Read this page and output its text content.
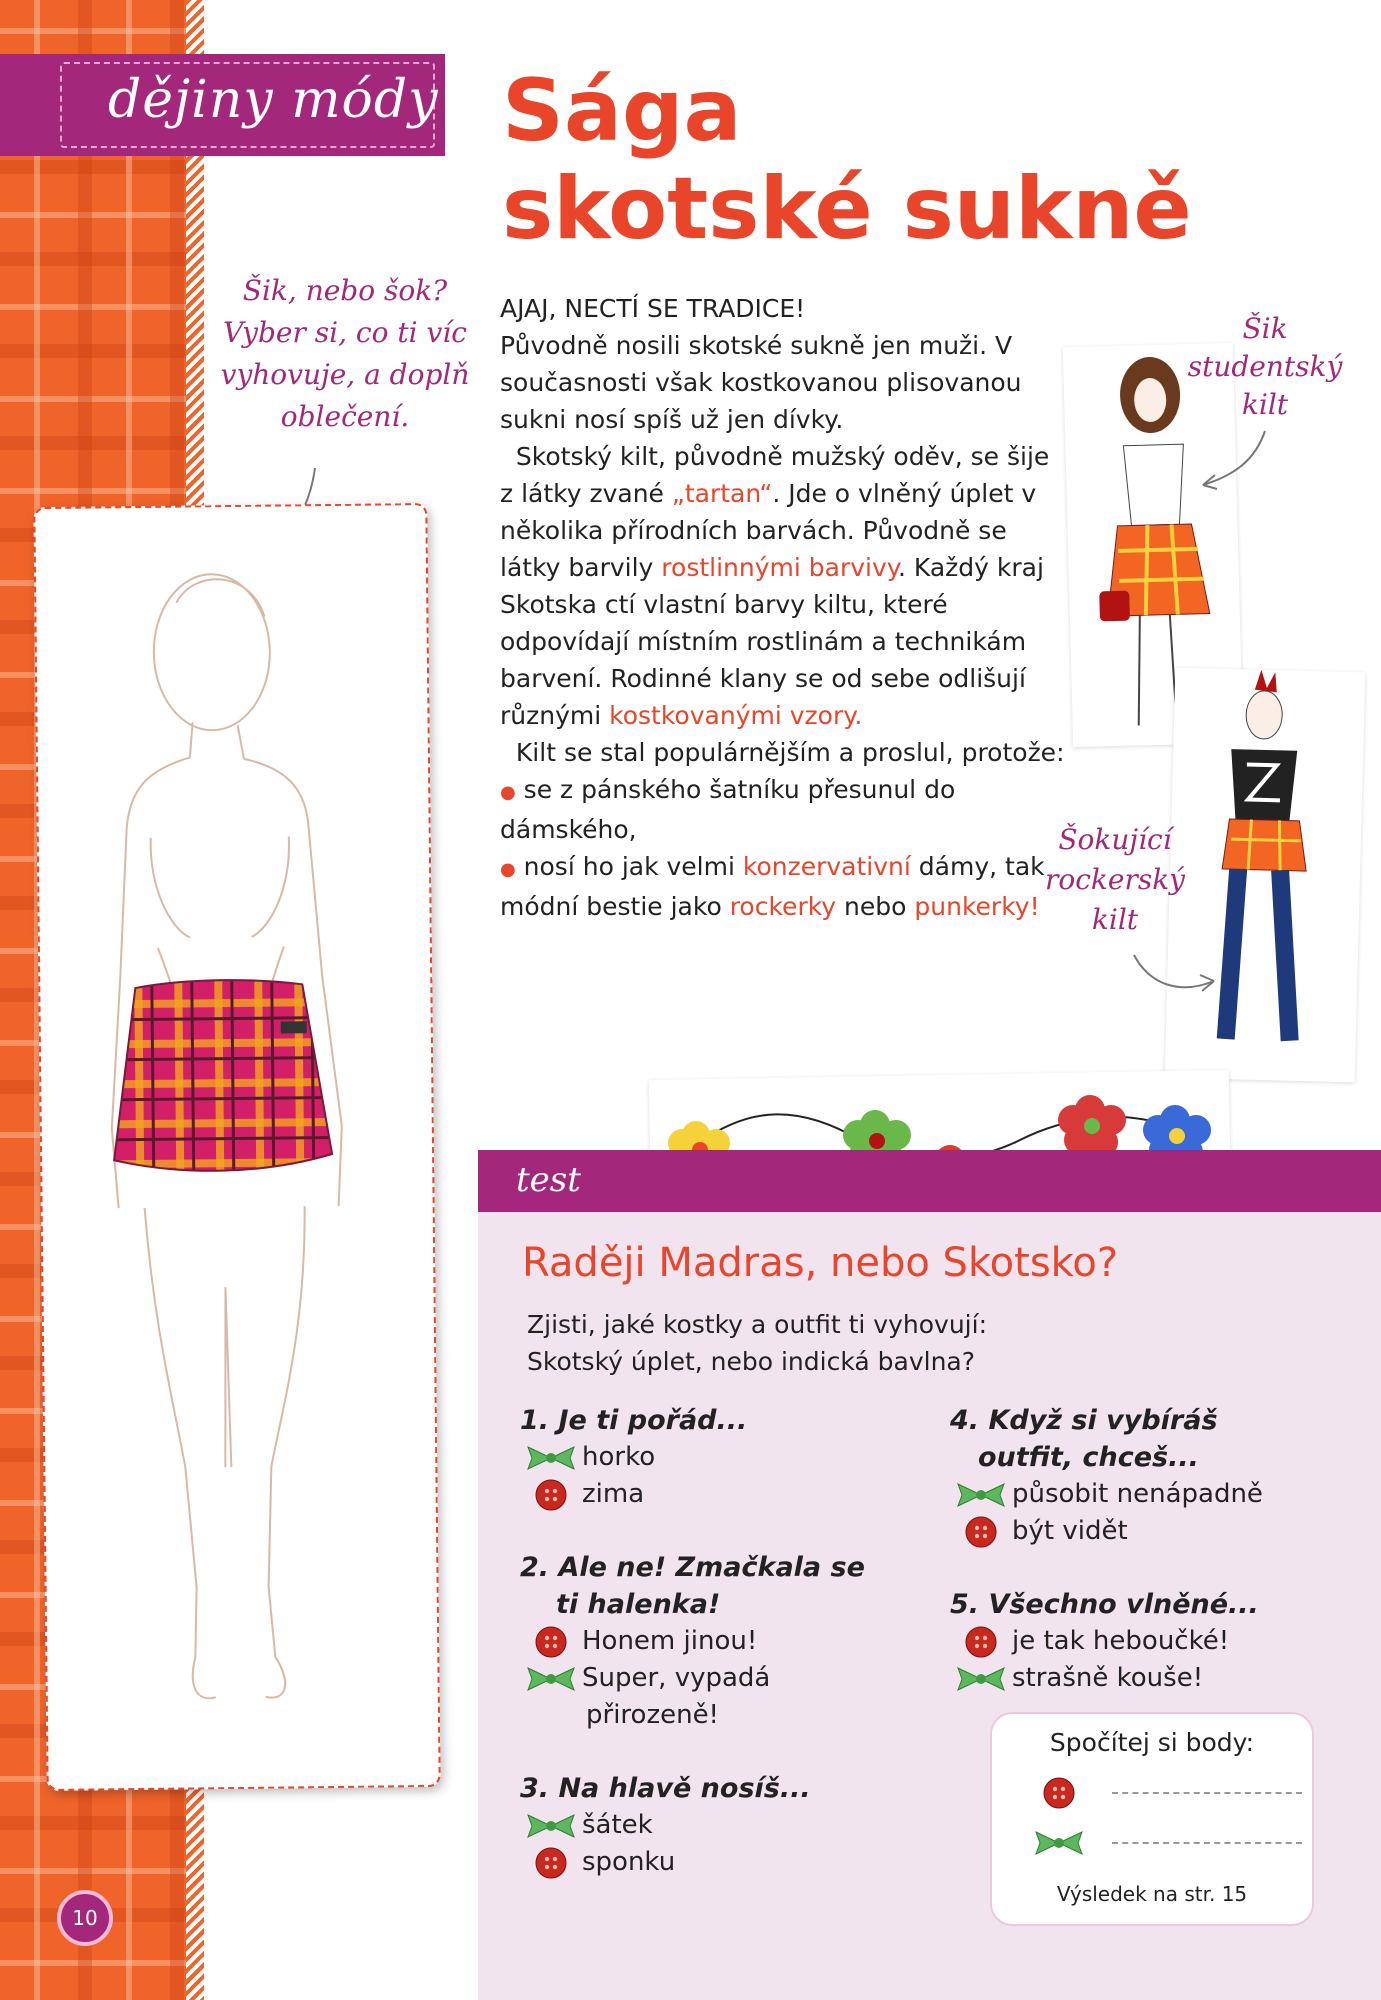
dějiny módy Sága
skotské sukně
Šik, nebo šok?
Vyber si, co ti víc
vyhovuje, a doplň
oblečení.

AJAJ, NECTÍ SE TRADICE!

Původně nosili skotské sukně jen muži. V současnosti však kostkovanou plisovanou sukni nosí spíš už jen dívky.

Skotský kilt, původně mužský oděv, se šije z látky zvané „tartan“. Jde o vlněný úplet v několika přírodních barvách. Původně se látky barvily rostlinnými barvivy. Každý kraj Skotska ctí vlastní barvy kiltu, které odpovídají místním rostlinám a technikám barvení. Rodinné klany se od sebe odlišují různými kostkovanými vzory.

Kilt se stal populárnějším a proslul, protože:

● se z pánského šatníku přesunul do dámského,

● nosí ho jak velmi konzervativní dámy, tak módní bestie jako rockerky nebo punkerky!

Šik
studentský
kilt
Šokující
rockerský
kilt
test
Raději Madras, nebo Skotsko?
Zjisti, jaké kostky a outfit ti vyhovují:
Skotský úplet, nebo indická bavlna?
1. Je ti pořád...
horko
zima
2. Ale ne! Zmačkala se
ti halenka!
Honem jinou!
Super, vypadá
přirozeně!
3. Na hlavě nosíš...
šátek
sponku
4. Když si vybíráš
outfit, chceš...
působit nenápadně
být vidět
5. Všechno vlněné...
je tak heboučké!
strašně kouše!
Spočítej si body:
Výsledek na str. 15
10
